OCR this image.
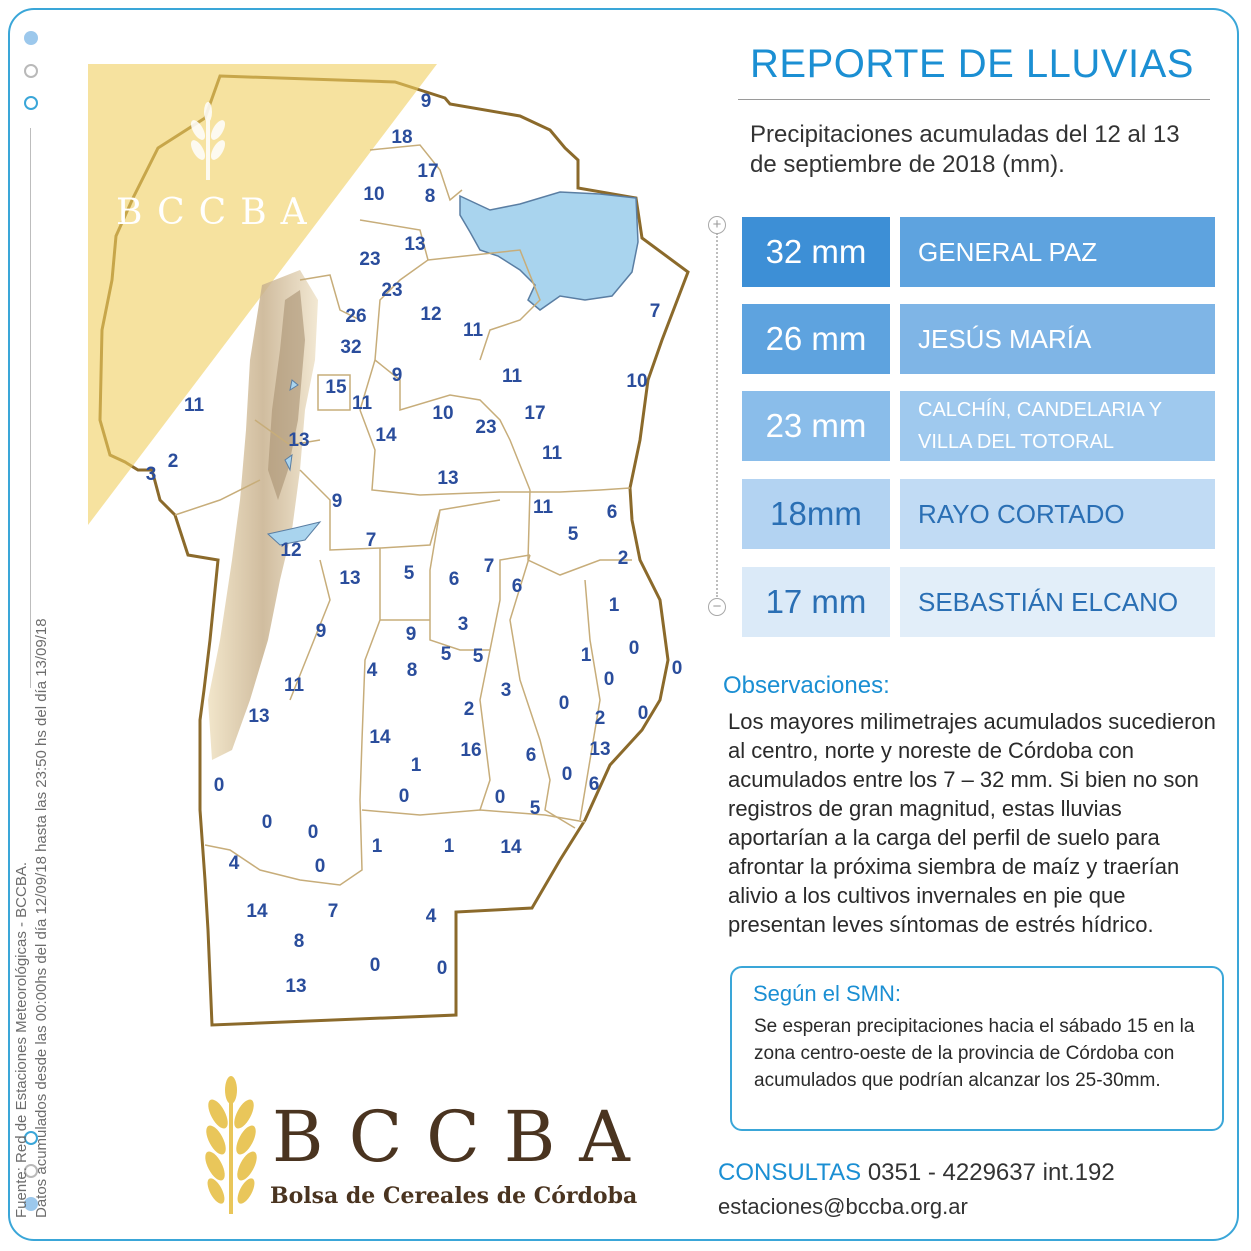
Fuente: Red de Estaciones Meteorológicas - BCCBA. Datos acumulados desde las 00:00hs del día 12/09/18 hasta las 23:50 hs del día 13/09/18
BCCBA
9
18
17
8
10
23
13
23
26	12
11
32
15
9
11
11
10	17
23
14
13
11
2
3	13
9
12	7
13 5 6
7
6
11
5
6
2
1
9 3
5 5
8
4
2	0
3
1 0
0
2 0
11
13
14
1
16 6
0
13
6
0
0
0
5
0 0
0
1	1
4
0
14	7
8
4
13
0	0
9
11
14
7
10
REPORTE DE LLUVIAS
Precipitaciones acumuladas del 12 al 13 de septiembre de 2018 (mm).
+
−
32 mm	GENERAL PAZ
26 mm	JESÚS MARÍA
23 mm	CALCHÍN, CANDELARIA Y VILLA DEL TOTORAL
18mm	RAYO CORTADO
17 mm	SEBASTIÁN ELCANO
Observaciones:
Los mayores milimetrajes acumulados sucedieron al centro, norte y noreste de Córdoba con acumulados entre los 7 – 32 mm. Si bien no son registros de gran magnitud, estas lluvias aportarían a la carga del perfil de suelo para afrontar la próxima siembra de maíz y traerían alivio a los cultivos invernales en pie que presentan leves síntomas de estrés hídrico.
Según el SMN:
Se esperan precipitaciones hacia el sábado 15 en la zona centro-oeste de la provincia de Córdoba con acumulados que podrían alcanzar los 25-30mm.
CONSULTAS 0351 - 4229637 int.192
estaciones@bccba.org.ar
BCCBA
Bolsa de Cereales de Córdoba
